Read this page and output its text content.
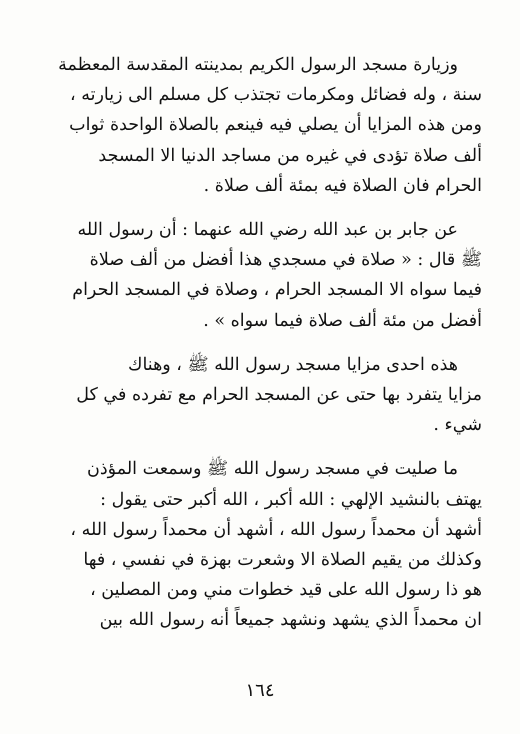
وزيارة مسجد الرسول الكريم بمدينته المقدسة المعظمة
سنة ، وله فضائل ومكرمات تجتذب كل مسلم الى زيارته ،
ومن هذه المزايا أن يصلي فيه فينعم بالصلاة الواحدة ثواب
ألف صلاة تؤدى في غيره من مساجد الدنيا الا المسجد
الحرام فان الصلاة فيه بمئة ألف صلاة .

عن جابر بن عبد الله رضي الله عنهما : أن رسول الله
ﷺ قال : « صلاة في مسجدي هذا أفضل من ألف صلاة
فيما سواه الا المسجد الحرام ، وصلاة في المسجد الحرام
أفضل من مئة ألف صلاة فيما سواه » .

هذه احدى مزايا مسجد رسول الله ﷺ ، وهناك
مزايا يتفرد بها حتى عن المسجد الحرام مع تفرده في كل
شيء .

ما صليت في مسجد رسول الله ﷺ وسمعت المؤذن
يهتف بالنشيد الإلهي : الله أكبر ، الله أكبر حتى يقول :
أشهد أن محمداً رسول الله ، أشهد أن محمداً رسول الله ،
وكذلك من يقيم الصلاة الا وشعرت بهزة في نفسي ، فها
هو ذا رسول الله على قيد خطوات مني ومن المصلين ،
ان محمداً الذي يشهد ونشهد جميعاً أنه رسول الله بين

١٦٤
